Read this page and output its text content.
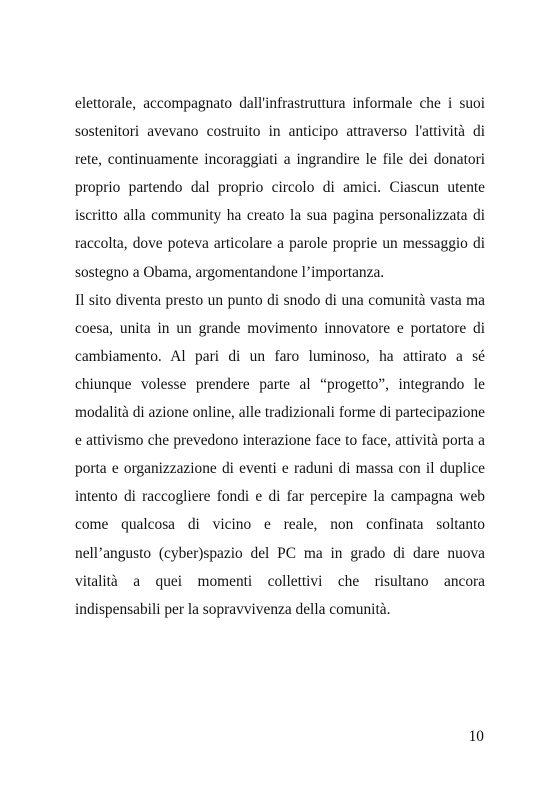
elettorale, accompagnato dall'infrastruttura informale che i suoi sostenitori avevano costruito in anticipo attraverso l'attività di rete, continuamente incoraggiati a ingrandire le file dei donatori proprio partendo dal proprio circolo di amici. Ciascun utente iscritto alla community ha creato la sua pagina personalizzata di raccolta, dove poteva articolare a parole proprie un messaggio di sostegno a Obama, argomentandone l’importanza.

Il sito diventa presto un punto di snodo di una comunità vasta ma coesa, unita in un grande movimento innovatore e portatore di cambiamento. Al pari di un faro luminoso, ha attirato a sé chiunque volesse prendere parte al “progetto”, integrando le modalità di azione online, alle tradizionali forme di partecipazione e attivismo che prevedono interazione face to face, attività porta a porta e organizzazione di eventi e raduni di massa con il duplice intento di raccogliere fondi e di far percepire la campagna web come qualcosa di vicino e reale, non confinata soltanto nell’angusto (cyber)spazio del PC ma in grado di dare nuova vitalità a quei momenti collettivi che risultano ancora indispensabili per la sopravvivenza della comunità.

10
